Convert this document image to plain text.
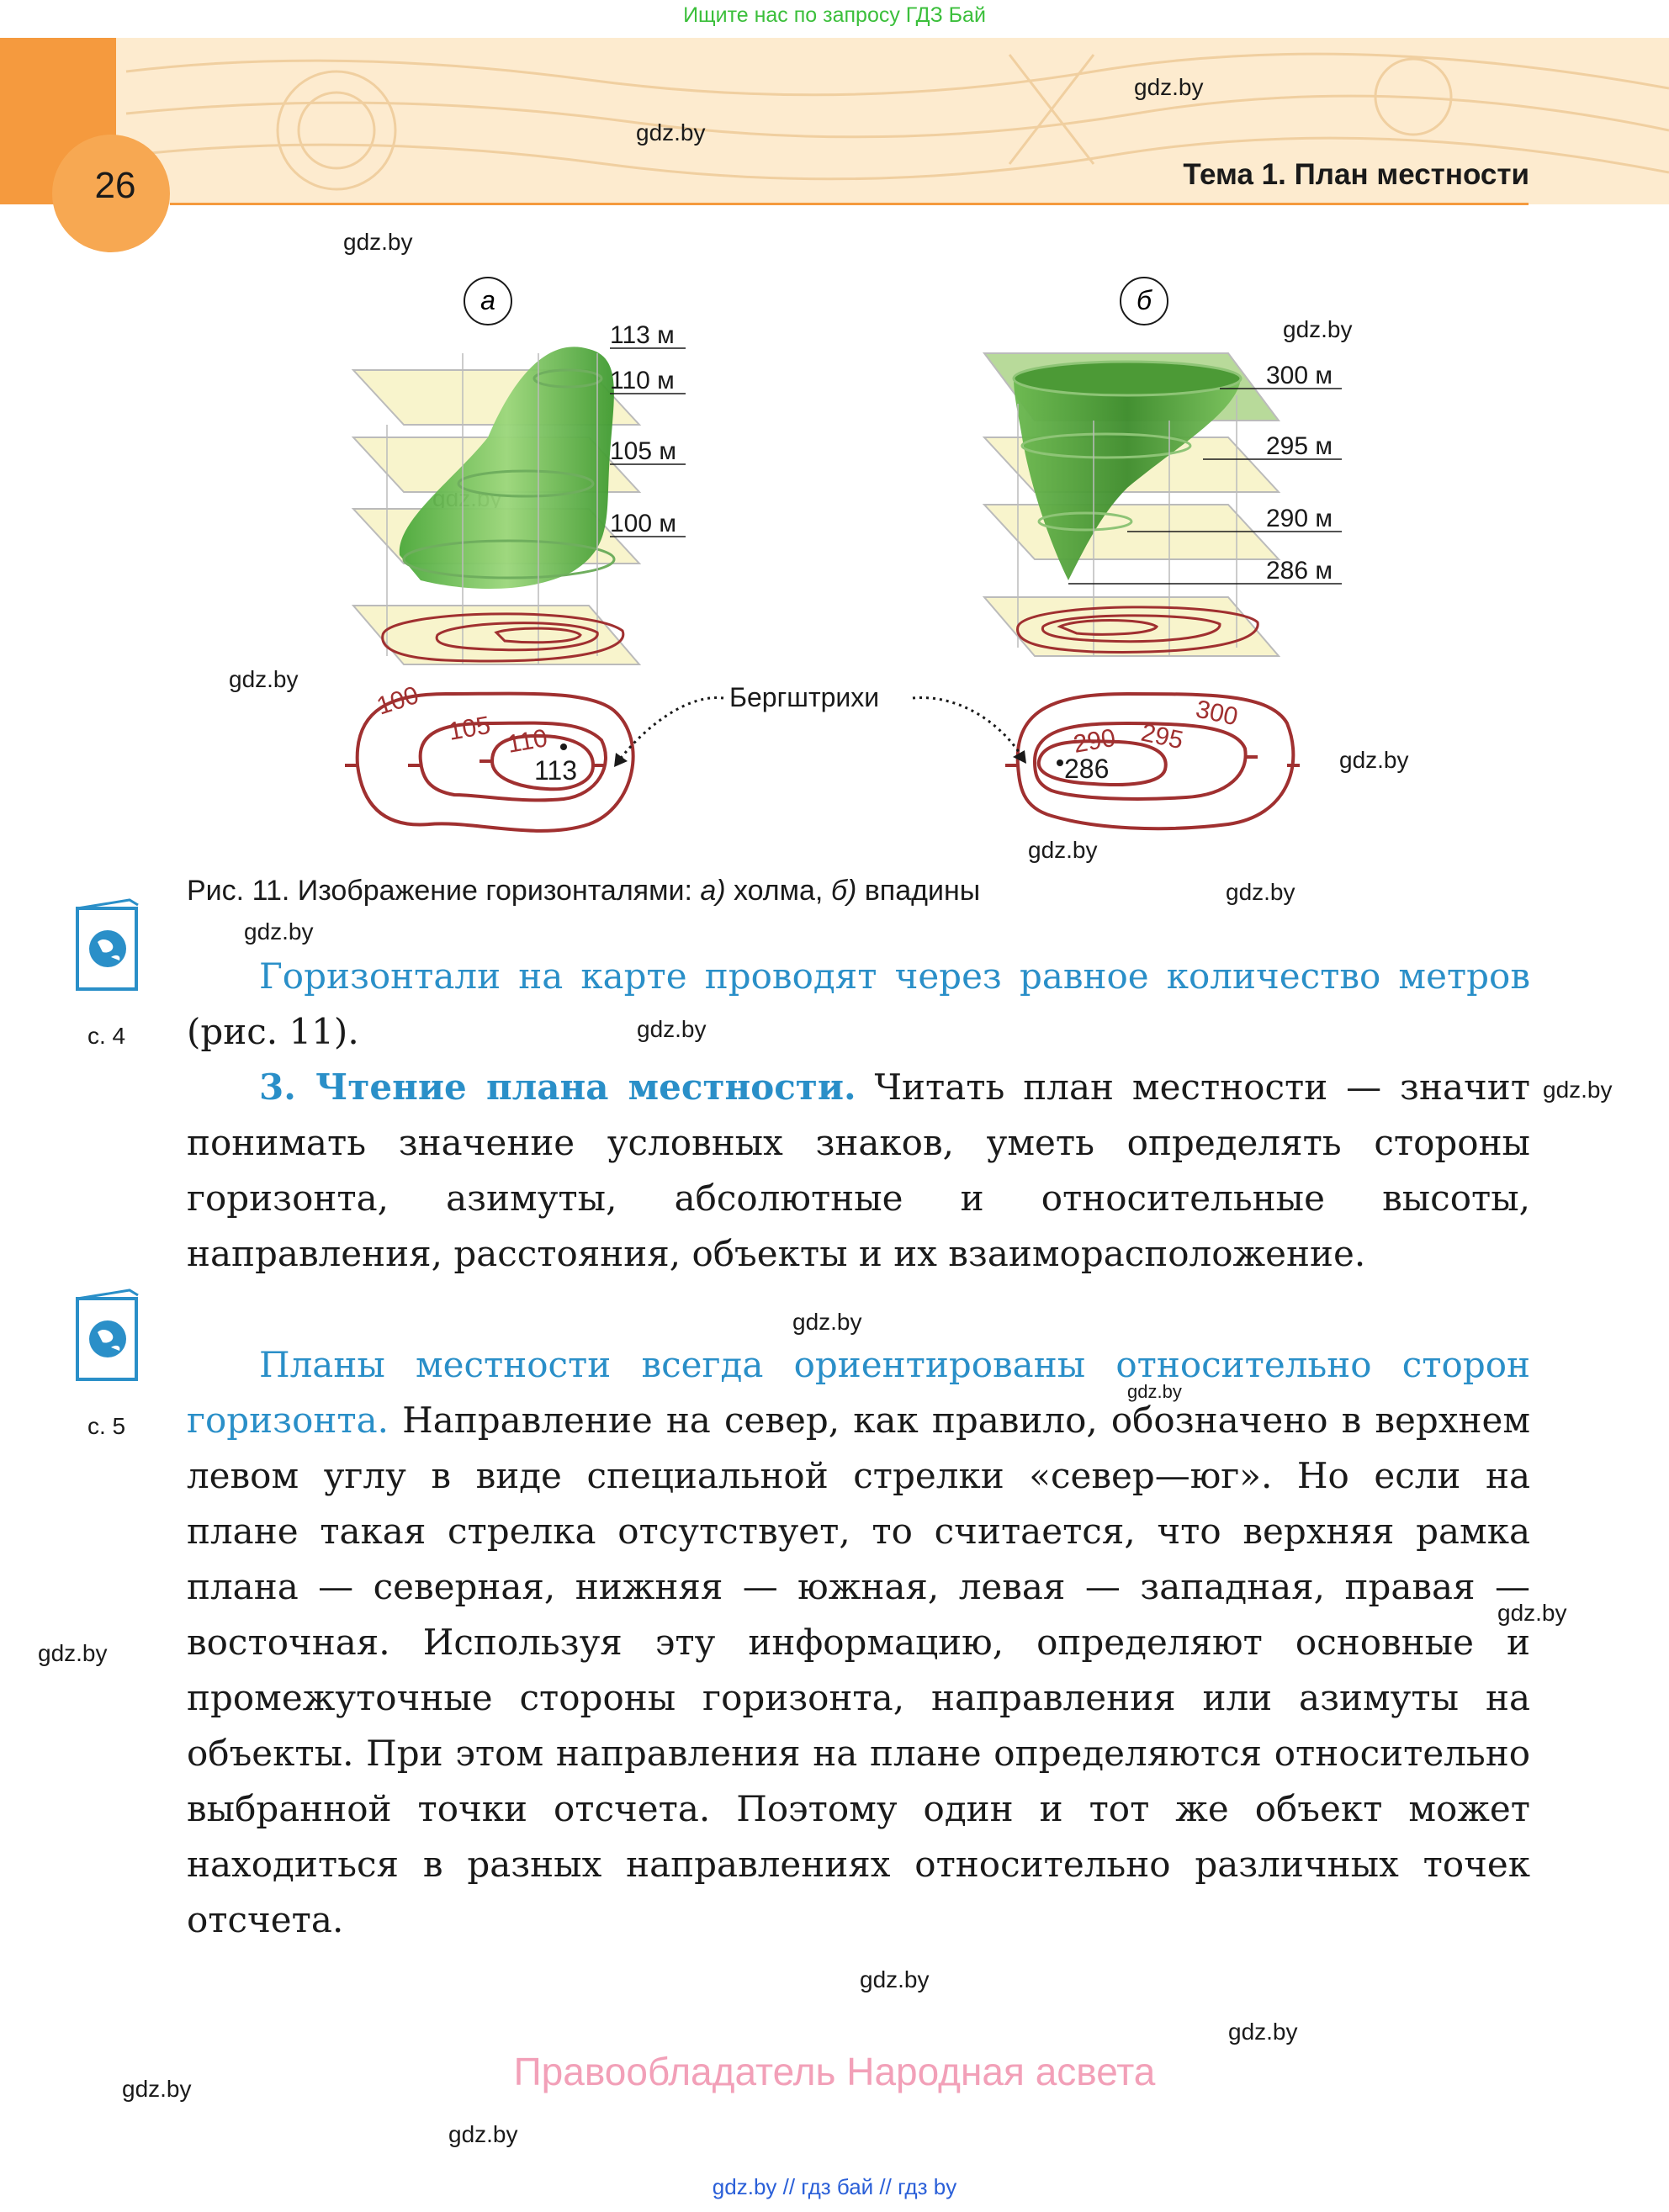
Ищите нас по запросу ГДЗ Бай
26	Тема 1. План местности
gdz.by
gdz.by
gdz.by
gdz.by
gdz.by
gdz.by
gdz.by
gdz.by
gdz.by
gdz.by
gdz.by
gdz.by
gdz.by
gdz.by
gdz.by
gdz.by
gdz.by
gdz.by
gdz.by
а	б
113 м
110 м
105 м
100 м
300 м
295 м
290 м
286 м
100
105 110
113
300
295
290
286
Бергштрихи
Рис. 11. Изображение горизонталями: а) холма, б) впадины
с. 4
с. 5
Горизонтали на карте проводят через равное количество метров (рис. 11).
3. Чтение плана местности. Читать план местности — значит понимать значение условных знаков, уметь определять стороны горизонта, азимуты, абсолютные и относительные высоты, направления, расстояния, объекты и их взаиморасположение.
Планы местности всегда ориентированы относительно сторон горизонта. Направление на север, как правило, обозначено в верхнем левом углу в виде специальной стрелки «север—юг». Но если на плане такая стрелка отсутствует, то считается, что верхняя рамка плана — северная, нижняя — южная, левая — западная, правая — восточная. Используя эту информацию, определяют основные и промежуточные стороны горизонта, направления или азимуты на объекты. При этом направления на плане определяются относительно выбранной точки отсчета. Поэтому один и тот же объект может находиться в разных направлениях относительно различных точек отсчета.
Правообладатель Народная асвета
gdz.by // гдз бай // гдз by
